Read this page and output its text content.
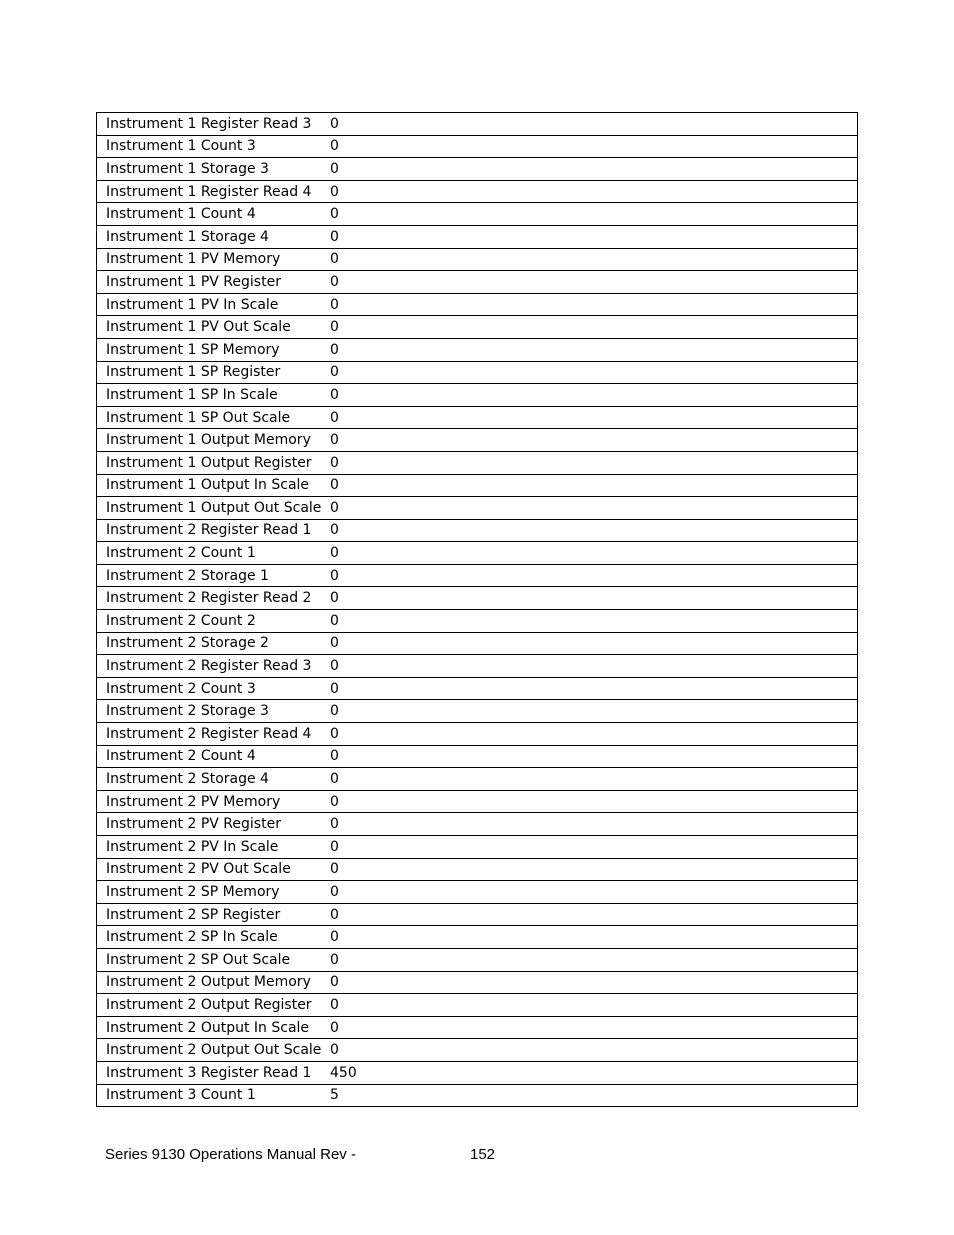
Instrument 1 Register Read 3	0
Instrument 1 Count 3	0
Instrument 1 Storage 3	0
Instrument 1 Register Read 4	0
Instrument 1 Count 4	0
Instrument 1 Storage 4	0
Instrument 1 PV Memory	0
Instrument 1 PV Register	0
Instrument 1 PV In Scale	0
Instrument 1 PV Out Scale	0
Instrument 1 SP Memory	0
Instrument 1 SP Register	0
Instrument 1 SP In Scale	0
Instrument 1 SP Out Scale	0
Instrument 1 Output Memory	0
Instrument 1 Output Register	0
Instrument 1 Output In Scale	0
Instrument 1 Output Out Scale	0
Instrument 2 Register Read 1	0
Instrument 2 Count 1	0
Instrument 2 Storage 1	0
Instrument 2 Register Read 2	0
Instrument 2 Count 2	0
Instrument 2 Storage 2	0
Instrument 2 Register Read 3	0
Instrument 2 Count 3	0
Instrument 2 Storage 3	0
Instrument 2 Register Read 4	0
Instrument 2 Count 4	0
Instrument 2 Storage 4	0
Instrument 2 PV Memory	0
Instrument 2 PV Register	0
Instrument 2 PV In Scale	0
Instrument 2 PV Out Scale	0
Instrument 2 SP Memory	0
Instrument 2 SP Register	0
Instrument 2 SP In Scale	0
Instrument 2 SP Out Scale	0
Instrument 2 Output Memory	0
Instrument 2 Output Register	0
Instrument 2 Output In Scale	0
Instrument 2 Output Out Scale	0
Instrument 3 Register Read 1	450
Instrument 3 Count 1	5
Series 9130 Operations Manual Rev -	152
